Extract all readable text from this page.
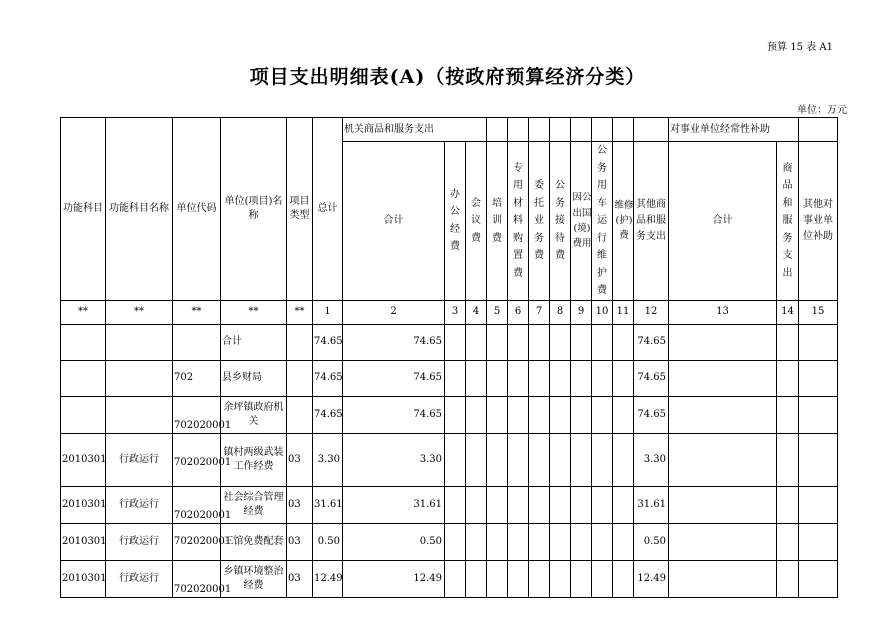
预算 15 表 A1
项目支出明细表(A)（按政府预算经济分类）
单位：万元
功能科目	功能科目名称	单位代码	单位(项目)名称	项目类型	总计	机关商品和服务支出											对事业单位经常性补助			
						合计	办公经费	会议费	培训费	专用材料购置费	委托业务费	公务接待费	因公出国(境)费用	公务用车运行维护费	维修(护)费	其他商品和服务支出	合计	商品和服务支出	其他对事业单位补助	
**	**	**	**	**	1	2	3	4	5	6	7	8	9	10	11	12	13	14	15	
			合计		74.65	74.65										74.65				
		702	县乡财局		74.65	74.65										74.65				
		702020001	余坪镇政府机关		74.65	74.65										74.65				
2010301	行政运行	702020001	镇村两级武装工作经费	03	3.30	3.30										3.30				
2010301	行政运行	702020001	社会综合管理经费	03	31.61	31.61										31.61				
2010301	行政运行	702020001	三馆免费配套	03	0.50	0.50										0.50				
2010301	行政运行	702020001	乡镇环境整治经费	03	12.49	12.49										12.49				
